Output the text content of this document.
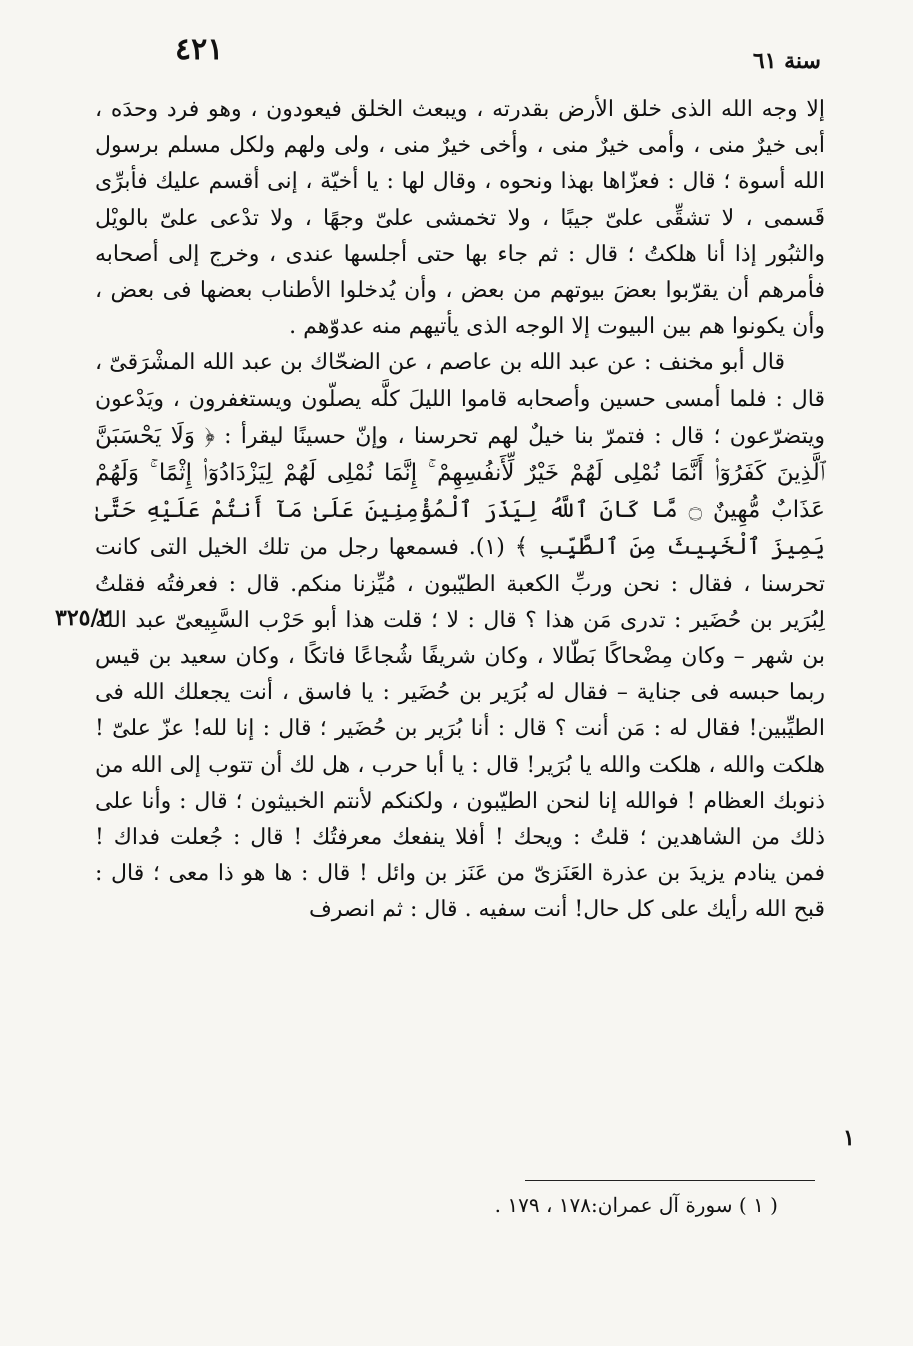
٤٢١	سنة ٦١

إلا وجه الله الذى خلق الأرض بقدرته ، ويبعث الخلق فيعودون ، وهو فرد وحدَه ، أبى خيرٌ منى ، وأمى خيرٌ منى ، وأخى خيرٌ منى ، ولى ولهم ولكل مسلم برسول الله أسوة ؛ قال : فعزّاها بهذا ونحوه ، وقال لها : يا أخيّة ، إنى أقسم عليك فأبرِّى قَسمى ، لا تشقِّى علىّ جيبًا ، ولا تخمشى علىّ وجهًا ، ولا تدْعى علىّ بالويْل والثبُور إذا أنا هلكتُ ؛ قال : ثم جاء بها حتى أجلسها عندى ، وخرج إلى أصحابه فأمرهم أن يقرّبوا بعضَ بيوتهم من بعض ، وأن يُدخلوا الأطناب بعضها فى بعض ، وأن يكونوا هم بين البيوت إلا الوجه الذى يأتيهم منه عدوّهم .

قال أبو مخنف : عن عبد الله بن عاصم ، عن الضحّاك بن عبد الله المشْرَقىّ ، قال : فلما أمسى حسين وأصحابه قاموا الليلَ كلَّه يصلّون ويستغفرون ، ويَدْعون ويتضرّعون ؛ قال : فتمرّ بنا خيلٌ لهم تحرسنا ، وإنّ حسينًا ليقرأ : ﴿ وَلَا يَحْسَبَنَّ ٱلَّذِينَ كَفَرُوٓا۟ أَنَّمَا نُمْلِى لَهُمْ خَيْرٌ لِّأَنفُسِهِمْ ۚ إِنَّمَا نُمْلِى لَهُمْ لِيَزْدَادُوٓا۟ إِثْمًا ۚ وَلَهُمْ عَذَابٌ مُّهِينٌ ۝ مَّا كَانَ ٱللَّهُ لِيَذَرَ ٱلْمُؤْمِنِينَ عَلَىٰ مَآ أَنتُمْ عَلَيْهِ حَتَّىٰ يَمِيزَ ٱلْخَبِيثَ مِنَ ٱلطَّيِّبِ ﴾ (١). فسمعها رجل من تلك الخيل التى كانت تحرسنا ، فقال : نحن وربِّ الكعبة الطيّبون ، مُيِّزنا منكم. قال : فعرفتُه فقلتُ لِبُرَير بن حُضَير : تدرى مَن هذا ؟ قال : لا ؛ قلت هذا أبو حَرْب السَّبِيعىّ عبد الله بن شهر – وكان مِضْحاكًا بَطّالا ، وكان شريفًا شُجاعًا فاتكًا ، وكان سعيد بن قيس ربما حبسه فى جناية – فقال له بُرَير بن حُضَير : يا فاسق ، أنت يجعلك الله فى الطيِّبين! فقال له : مَن أنت ؟ قال : أنا بُرَير بن حُضَير ؛ قال : إنا لله! عزّ علىّ ! هلكت والله ، هلكت والله يا بُرَير! قال : يا أبا حرب ، هل لك أن تتوب إلى الله من ذنوبك العظام ! فوالله إنا لنحن الطيّبون ، ولكنكم لأنتم الخبيثون ؛ قال : وأنا على ذلك من الشاهدين ؛ قلتُ : ويحك ! أفلا ينفعك معرفتُك ! قال : جُعلت فداك ! فمن ينادم يزيدَ بن عذرة العَنَزىّ من عَنَز بن وائل ! قال : ها هو ذا معى ؛ قال : قبح الله رأيك على كل حال! أنت سفيه . قال : ثم انصرف

٣٢٥/٢
١
( ١ ) سورة آل عمران:١٧٨ ، ١٧٩ .
